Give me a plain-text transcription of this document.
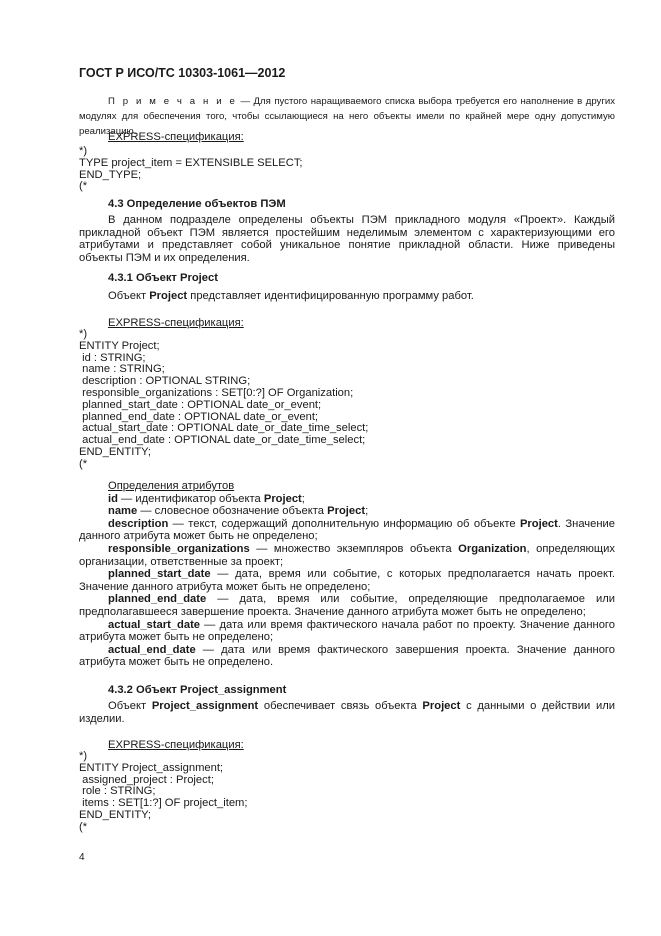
ГОСТ Р ИСО/ТС 10303-1061—2012
П р и м е ч а н и е — Для пустого наращиваемого списка выбора требуется его наполнение в других модулях для обеспечения того, чтобы ссылающиеся на него объекты имели по крайней мере одну допустимую реализацию.
EXPRESS-спецификация:
*)
TYPE project_item = EXTENSIBLE SELECT;
END_TYPE;
(*
4.3 Определение объектов ПЭМ

В данном подразделе определены объекты ПЭМ прикладного модуля «Проект». Каждый прикладной объект ПЭМ является простейшим неделимым элементом с характеризующими его атрибутами и представляет собой уникальное понятие прикладной области. Ниже приведены объекты ПЭМ и их определения.

4.3.1 Объект Project

Объект Project представляет идентифицированную программу работ.

EXPRESS-спецификация:
*)
ENTITY Project;
id : STRING;
name : STRING;
description : OPTIONAL STRING;
responsible_organizations : SET[0:?] OF Organization;
planned_start_date : OPTIONAL date_or_event;
planned_end_date : OPTIONAL date_or_event;
actual_start_date : OPTIONAL date_or_date_time_select;
actual_end_date : OPTIONAL date_or_date_time_select;
END_ENTITY;
(*

Определения атрибутов

id — идентификатор объекта Project;

name — словесное обозначение объекта Project;

description — текст, содержащий дополнительную информацию об объекте Project. Значение данного атрибута может быть не определено;

responsible_organizations — множество экземпляров объекта Organization, определяющих организации, ответственные за проект;

planned_start_date — дата, время или событие, с которых предполагается начать проект. Значение данного атрибута может быть не определено;

planned_end_date — дата, время или событие, определяющие предполагаемое или предполагавшееся завершение проекта. Значение данного атрибута может быть не определено;

actual_start_date — дата или время фактического начала работ по проекту. Значение данного атрибута может быть не определено;

actual_end_date — дата или время фактического завершения проекта. Значение данного атрибута может быть не определено.

4.3.2 Объект Project_assignment

Объект Project_assignment обеспечивает связь объекта Project с данными о действии или изделии.

EXPRESS-спецификация:
*)
ENTITY Project_assignment;
assigned_project : Project;
role : STRING;
items : SET[1:?] OF project_item;
END_ENTITY;
(*
4
